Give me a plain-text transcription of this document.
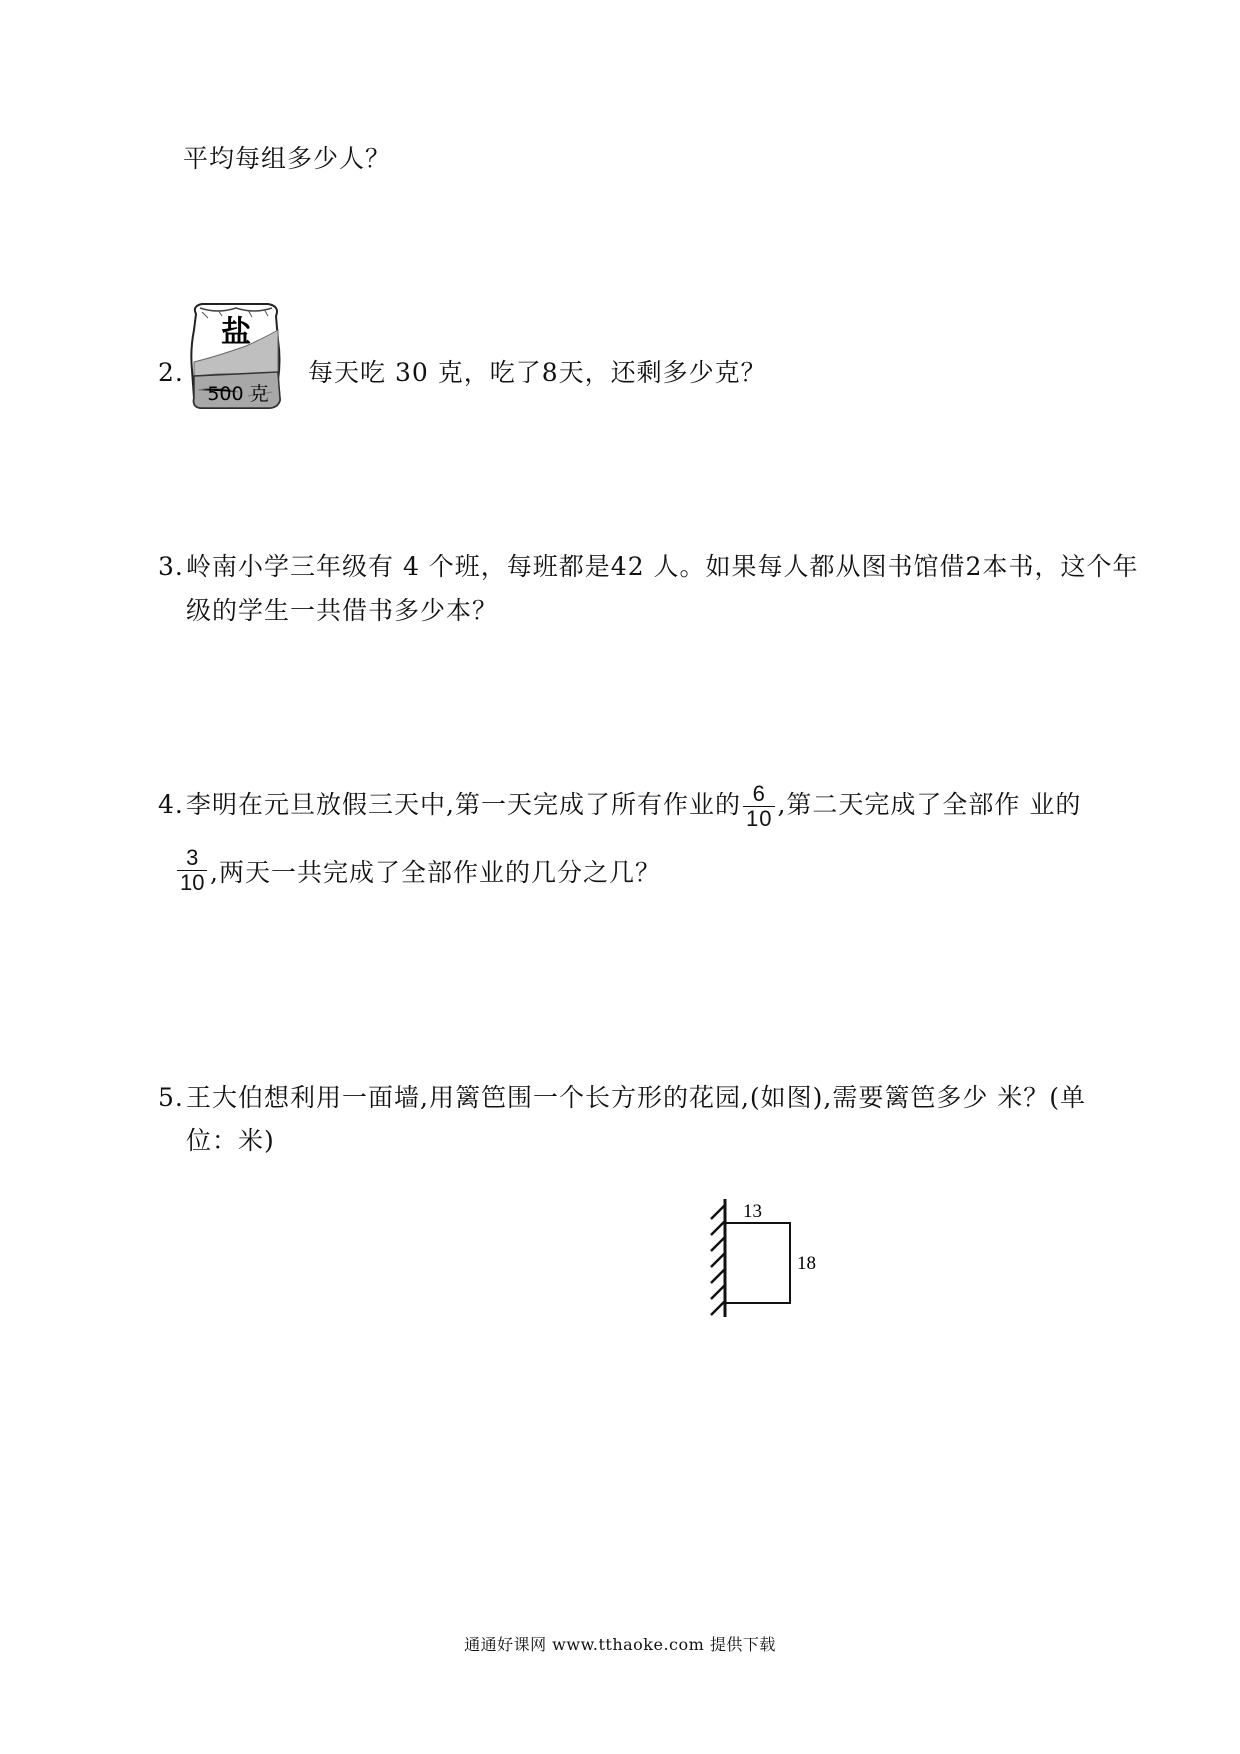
平均每组多少人？
2.
盐
500 克
每天吃 30 克，吃了8天，还剩多少克？
3.岭南小学三年级有 4 个班，每班都是42 人。如果每人都从图书馆借2本书，这个年
级的学生一共借书多少本？
4.李明在元旦放假三天中,第一天完成了所有作业的 $\frac{6}{10}$ ,第二天完成了全部作 业的
$\frac{3}{10}$ ,两天一共完成了全部作业的几分之几？
5.王大伯想利用一面墙,用篱笆围一个长方形的花园,(如图),需要篱笆多少 米？(单
位：米)
13
18
通通好课网 www.tthaoke.com 提供下载
